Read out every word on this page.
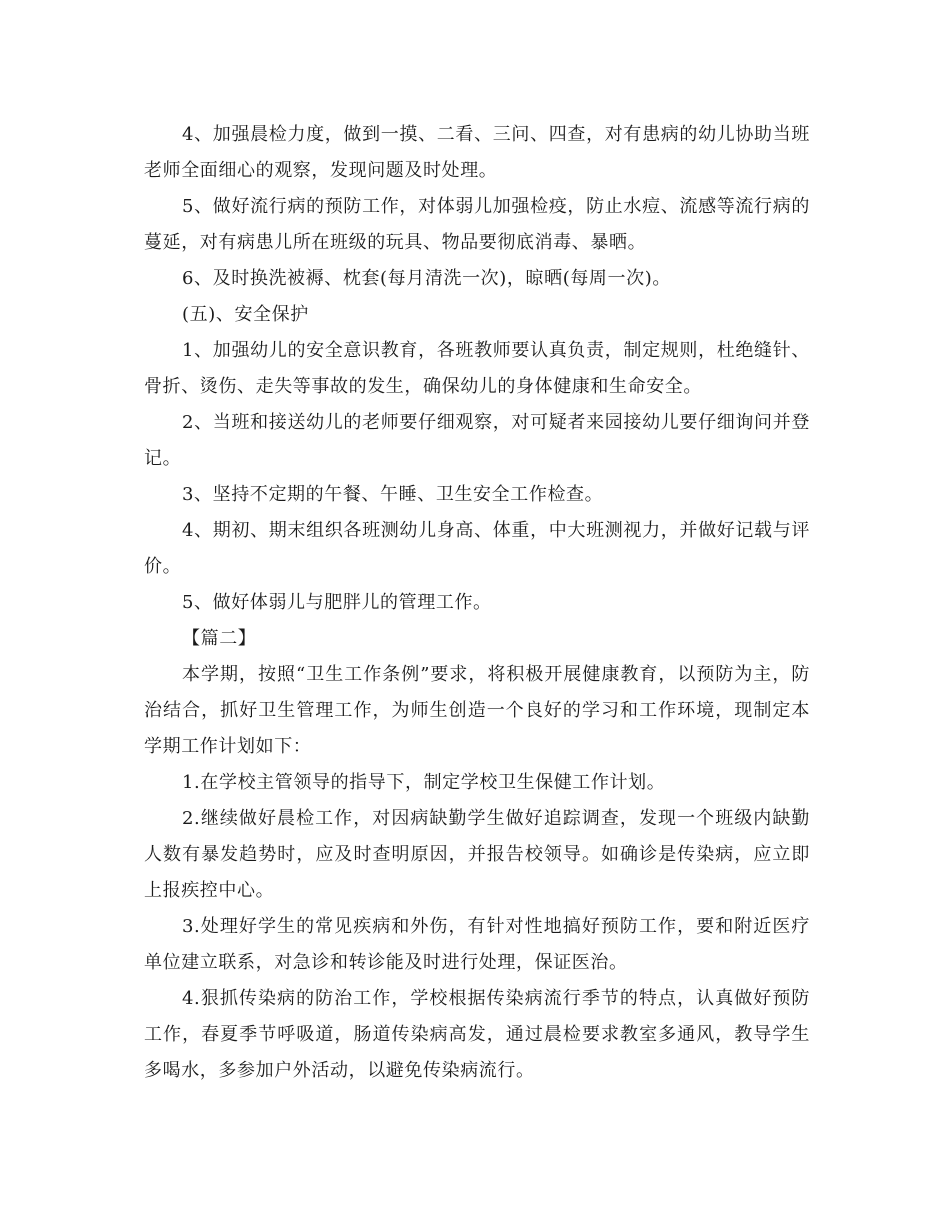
4、加强晨检力度，做到一摸、二看、三问、四查，对有患病的幼儿协助当班老师全面细心的观察，发现问题及时处理。

5、做好流行病的预防工作，对体弱儿加强检疫，防止水痘、流感等流行病的蔓延，对有病患儿所在班级的玩具、物品要彻底消毒、暴晒。

6、及时换洗被褥、枕套(每月清洗一次)，晾晒(每周一次)。

(五)、安全保护

1、加强幼儿的安全意识教育，各班教师要认真负责，制定规则，杜绝缝针、骨折、烫伤、走失等事故的发生，确保幼儿的身体健康和生命安全。

2、当班和接送幼儿的老师要仔细观察，对可疑者来园接幼儿要仔细询问并登记。

3、坚持不定期的午餐、午睡、卫生安全工作检查。

4、期初、期末组织各班测幼儿身高、体重，中大班测视力，并做好记载与评价。

5、做好体弱儿与肥胖儿的管理工作。

【篇二】

本学期，按照“卫生工作条例”要求，将积极开展健康教育，以预防为主，防治结合，抓好卫生管理工作，为师生创造一个良好的学习和工作环境，现制定本学期工作计划如下：

1.在学校主管领导的指导下，制定学校卫生保健工作计划。

2.继续做好晨检工作，对因病缺勤学生做好追踪调查，发现一个班级内缺勤人数有暴发趋势时，应及时查明原因，并报告校领导。如确诊是传染病，应立即上报疾控中心。

3.处理好学生的常见疾病和外伤，有针对性地搞好预防工作，要和附近医疗单位建立联系，对急诊和转诊能及时进行处理，保证医治。

4.狠抓传染病的防治工作，学校根据传染病流行季节的特点，认真做好预防工作，春夏季节呼吸道，肠道传染病高发，通过晨检要求教室多通风，教导学生多喝水，多参加户外活动，以避免传染病流行。
